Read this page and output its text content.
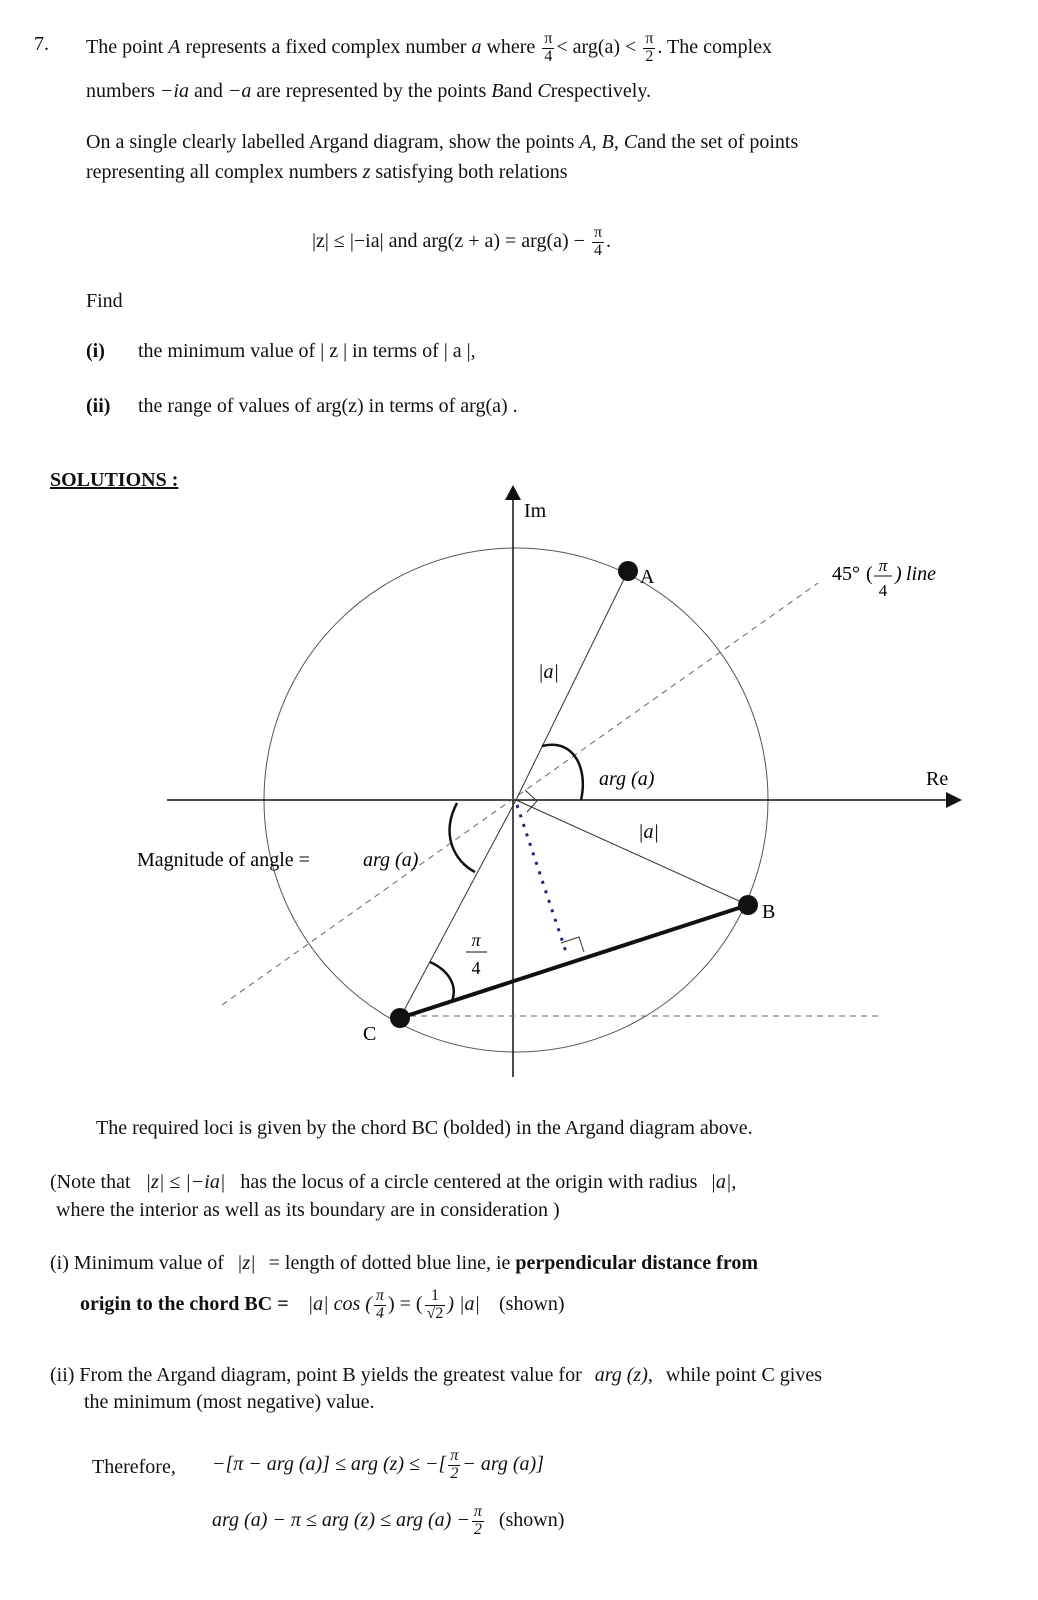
7. The point A represents a fixed complex number a where $\frac{\pi}{4} < arg(a) < \frac{\pi}{2}$ . The complex
numbers −ia and −a are represented by the points Band Crespectively.
On a single clearly labelled Argand diagram, show the points A, B, Cand the set of points
representing all complex numbers z satisfying both relations
|z| ≤ |−ia| and $arg(z + a) = arg(a) - \frac{\pi}{4}$ .
Find
(i) the minimum value of | z | in terms of | a |,
(ii) the range of values of arg(z) in terms of arg(a) .
SOLUTIONS :
Im
Re
A
B
C
|a|
|a|
arg (a)
45° ( π
4
) line
Magnitude of angle =	arg (a)
π
4
The required loci is given by the chord BC (bolded) in the Argand diagram above.
(Note that |z| ≤ |−ia| has the locus of a circle centered at the origin with radius |a|,
where the interior as well as its boundary are in consideration )
(i) Minimum value of |z| = length of dotted blue line, ie perpendicular distance from
origin to the chord BC = |a| cos ( $\frac{\pi}{4}$ ) = ( $\frac{1}{√2}$ ) |a| (shown)
(ii) From the Argand diagram, point B yields the greatest value for arg (z), while point C gives
the minimum (most negative) value.
Therefore, −[π − arg (a)] ≤ arg (z) ≤ −[ $\frac{\pi}{2}$ − arg (a)]
arg (a) − π ≤ arg (z) ≤ arg $(a) - \frac{\pi}{2}$ (shown)
